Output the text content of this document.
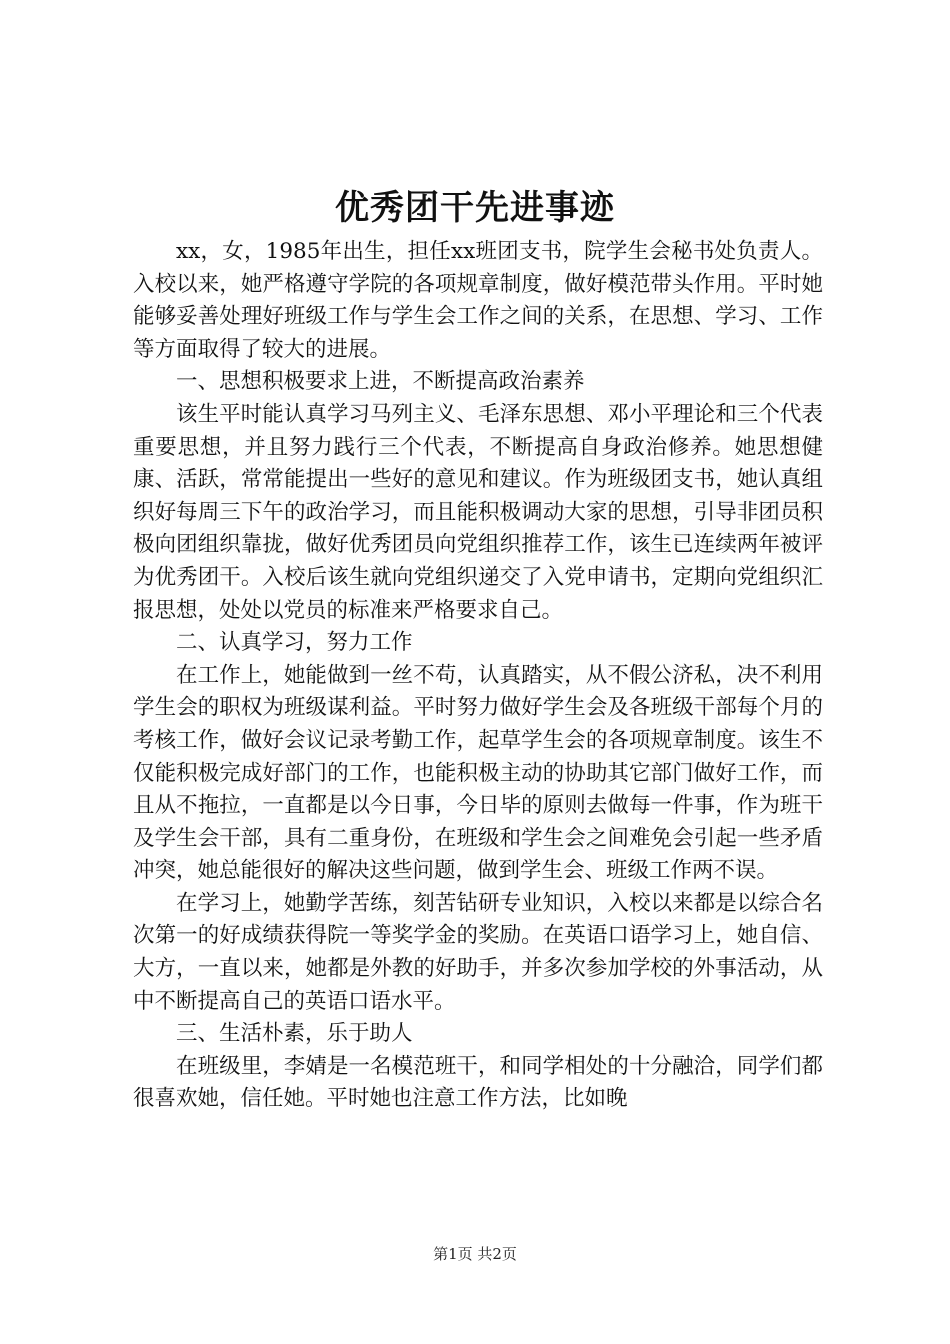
优秀团干先进事迹

xx，女，1985年出生，担任xx班团支书，院学生会秘书处负责人。入校以来，她严格遵守学院的各项规章制度，做好模范带头作用。平时她能够妥善处理好班级工作与学生会工作之间的关系，在思想、学习、工作等方面取得了较大的进展。

一、思想积极要求上进，不断提高政治素养

该生平时能认真学习马列主义、毛泽东思想、邓小平理论和三个代表重要思想，并且努力践行三个代表，不断提高自身政治修养。她思想健康、活跃，常常能提出一些好的意见和建议。作为班级团支书，她认真组织好每周三下午的政治学习，而且能积极调动大家的思想，引导非团员积极向团组织靠拢，做好优秀团员向党组织推荐工作，该生已连续两年被评为优秀团干。入校后该生就向党组织递交了入党申请书，定期向党组织汇报思想，处处以党员的标准来严格要求自己。

二、认真学习，努力工作

在工作上，她能做到一丝不苟，认真踏实，从不假公济私，决不利用学生会的职权为班级谋利益。平时努力做好学生会及各班级干部每个月的考核工作，做好会议记录考勤工作，起草学生会的各项规章制度。该生不仅能积极完成好部门的工作，也能积极主动的协助其它部门做好工作，而且从不拖拉，一直都是以今日事，今日毕的原则去做每一件事，作为班干及学生会干部，具有二重身份，在班级和学生会之间难免会引起一些矛盾冲突，她总能很好的解决这些问题，做到学生会、班级工作两不误。

在学习上，她勤学苦练，刻苦钻研专业知识，入校以来都是以综合名次第一的好成绩获得院一等奖学金的奖励。在英语口语学习上，她自信、大方，一直以来，她都是外教的好助手，并多次参加学校的外事活动，从中不断提高自己的英语口语水平。

三、生活朴素，乐于助人

在班级里，李婧是一名模范班干，和同学相处的十分融洽，同学们都很喜欢她，信任她。平时她也注意工作方法，比如晚

第1页 共2页
